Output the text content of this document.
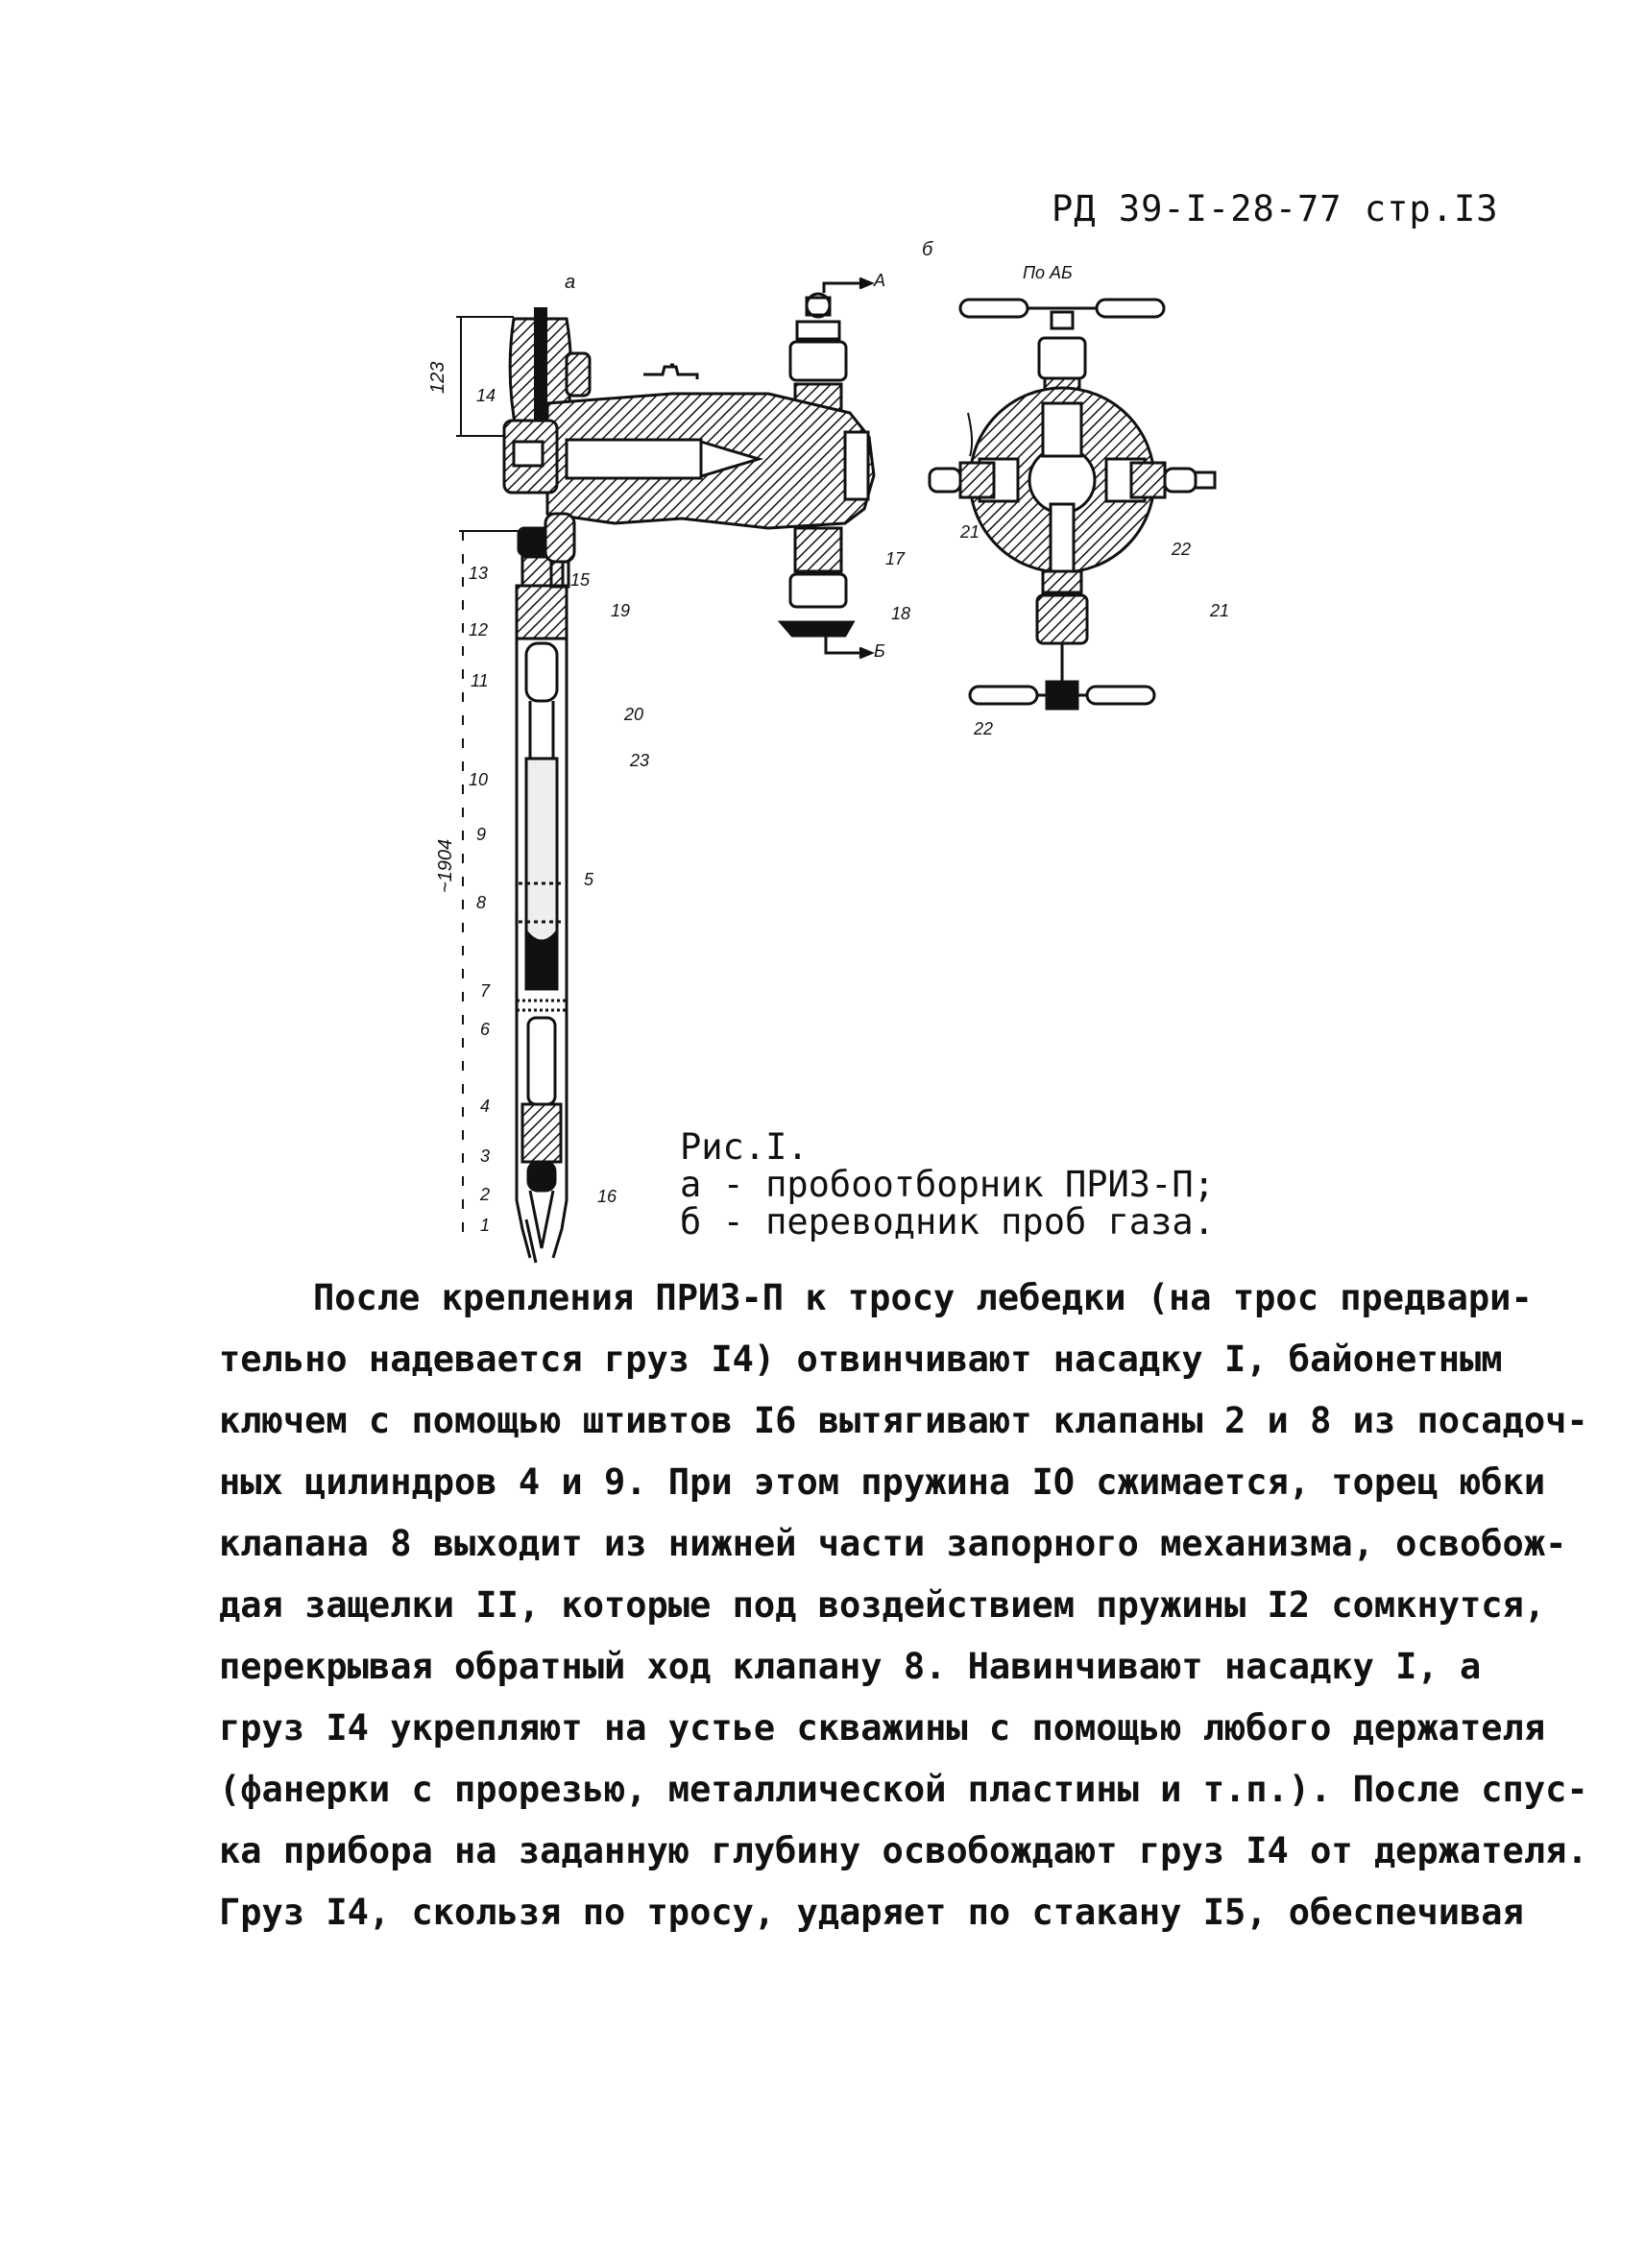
РД 39-I-28-77 стр.I3
а
б
А
Б
По АБ
123
~1904
14
15
13
12
11
10
9
8
5
7
6
4
3
2
1
16
17
18
19
20
23
21
21
22
22
Рис.I.
а - пробоотборник ПРИЗ-П;
б - переводник проб газа.

После крепления ПРИЗ-П к тросу лебедки (на трос предвари-

тельно надевается груз I4) отвинчивают насадку I, байонетным

ключем с помощью штивтов I6 вытягивают клапаны 2 и 8 из посадоч-

ных цилиндров 4 и 9. При этом пружина IO сжимается, торец юбки

клапана 8 выходит из нижней части запорного механизма, освобож-

дая защелки II, которые под воздействием пружины I2 сомкнутся,

перекрывая обратный ход клапану 8. Навинчивают насадку I, а

груз I4 укрепляют на устье скважины с помощью любого держателя

(фанерки с прорезью, металлической пластины и т.п.). После спус-

ка прибора на заданную глубину освобождают груз I4 от держателя.

Груз I4, скользя по тросу, ударяет по стакану I5, обеспечивая
